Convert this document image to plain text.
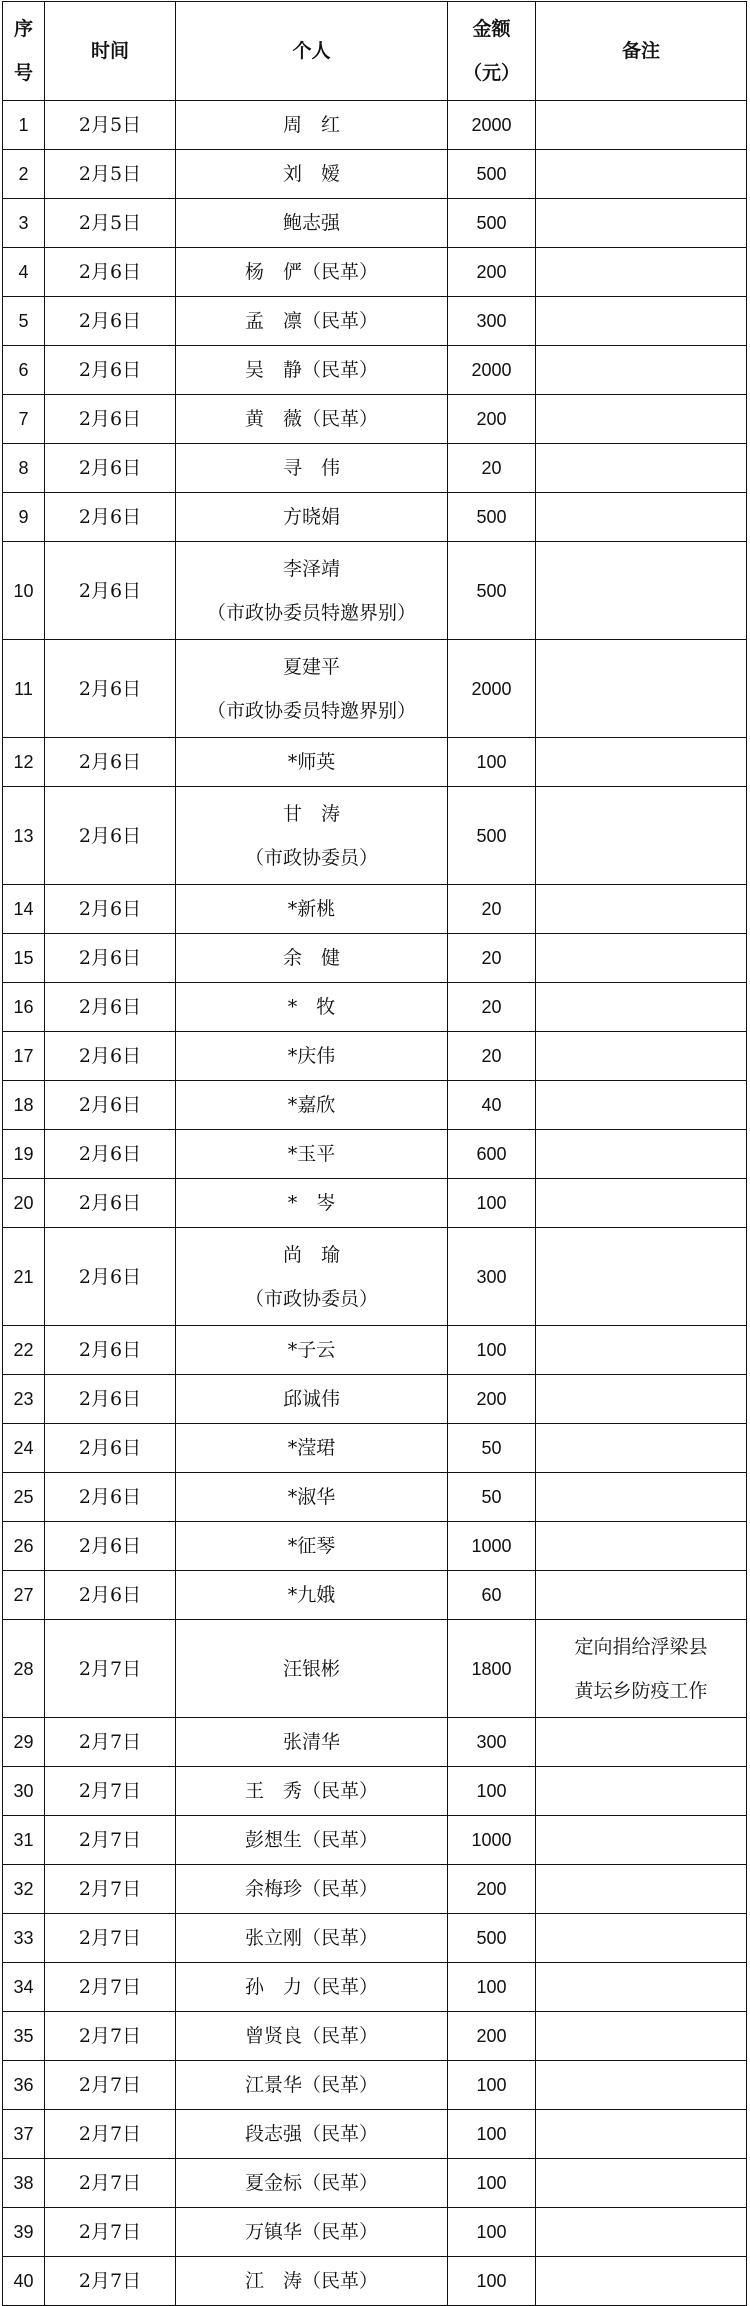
序
号	时间	个人	金额
（元）	备注
1	2月5日	周　红	2000	
2	2月5日	刘　嫒	500	
3	2月5日	鲍志强	500	
4	2月6日	杨　俨（民革）	200	
5	2月6日	孟　凛（民革）	300	
6	2月6日	吴　静（民革）	2000	
7	2月6日	黄　薇（民革）	200	
8	2月6日	寻　伟	20	
9	2月6日	方晓娟	500	
10	2月6日	李泽靖
（市政协委员特邀界别）	500	
11	2月6日	夏建平
（市政协委员特邀界别）	2000	
12	2月6日	*师英	100	
13	2月6日	甘　涛
（市政协委员）	500	
14	2月6日	*新桃	20	
15	2月6日	余　健	20	
16	2月6日	*　牧	20	
17	2月6日	*庆伟	20	
18	2月6日	*嘉欣	40	
19	2月6日	*玉平	600	
20	2月6日	*　岑	100	
21	2月6日	尚　瑜
（市政协委员）	300	
22	2月6日	*子云	100	
23	2月6日	邱诚伟	200	
24	2月6日	*滢珺	50	
25	2月6日	*淑华	50	
26	2月6日	*征琴	1000	
27	2月6日	*九娥	60	
28	2月7日	汪银彬	1800	定向捐给浮梁县
黄坛乡防疫工作

29	2月7日	张清华	300	
30	2月7日	王　秀（民革）	100	
31	2月7日	彭想生（民革）	1000	
32	2月7日	余梅珍（民革）	200	
33	2月7日	张立刚（民革）	500	
34	2月7日	孙　力（民革）	100	
35	2月7日	曾贤良（民革）	200	
36	2月7日	江景华（民革）	100	
37	2月7日	段志强（民革）	100	
38	2月7日	夏金标（民革）	100	
39	2月7日	万镇华（民革）	100	
40	2月7日	江　涛（民革）	100	
